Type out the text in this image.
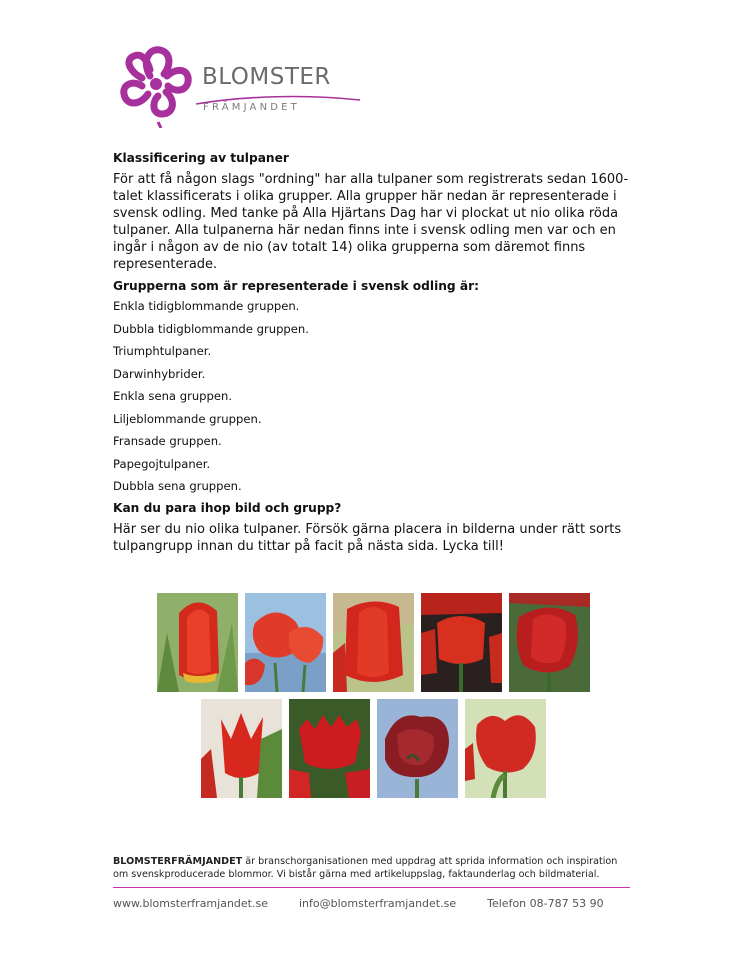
BLOMSTER
FRÄMJANDET
Klassificering av tulpaner

För att få någon slags "ordning" har alla tulpaner som registrerats sedan 1600-talet klassificerats i olika grupper. Alla grupper här nedan är representerade i svensk odling. Med tanke på Alla Hjärtans Dag har vi plockat ut nio olika röda tulpaner. Alla tulpanerna här nedan finns inte i svensk odling men var och en ingår i någon av de nio (av totalt 14) olika grupperna som däremot finns representerade.

Grupperna som är representerade i svensk odling är:
Enkla tidigblommande gruppen.
Dubbla tidigblommande gruppen.
Triumphtulpaner.
Darwinhybrider.
Enkla sena gruppen.
Liljeblommande gruppen.
Fransade gruppen.
Papegojtulpaner.
Dubbla sena gruppen.
Kan du para ihop bild och grupp?

Här ser du nio olika tulpaner. Försök gärna placera in bilderna under rätt sorts tulpangrupp innan du tittar på facit på nästa sida. Lycka till!

BLOMSTERFRÄMJANDET är branschorganisationen med uppdrag att sprida information och inspiration om svenskproducerade blommor. Vi bistår gärna med artikeluppslag, faktaunderlag och bildmaterial.

www.blomsterframjandet.se	info@blomsterframjandet.se	Telefon 08-787 53 90
